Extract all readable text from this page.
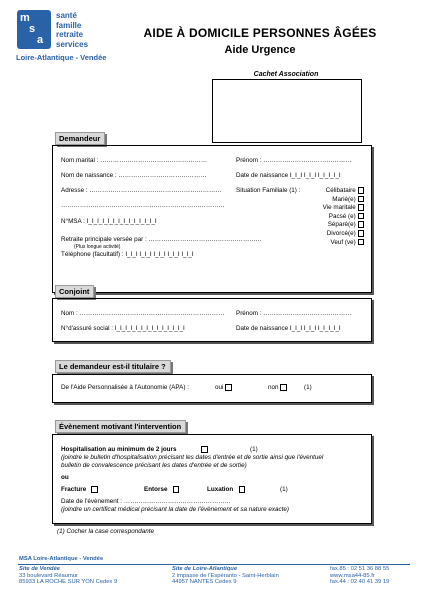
m
s
a
santé
famille
retraite
services
Loire-Atlantique - Vendée
AIDE À DOMICILE PERSONNES ÂGÉES
Aide Urgence
Cachet Association
Demandeur
Nom marital : ……………………………………………	Prénom : ……………………………………
Nom de naissance : ……………………………………	Date de naissance I_I_I I_I_I I_I_I_I_I
Adresse : ………………………………………………………
……………………………………………………………………
Situation Familiale (1) :	Célibataire
Marié(e)
Vie maritale
Pacsé (e)
Séparé(e)
Divorcé(e)
Veuf (ve)
N°MSA : I_I_I_I_I_I_I_I_I_I_I_I_I_I
Retraite principale versée par : ………………………………………………
(Plus longue activité)
Téléphone (facultatif) : I_I_I I_I_I I_I_I I_I_I I_I_I
Conjoint
Nom : …………………………………………………………… Prénom : ……………………………………
N°d'assuré social : I_I_I_I_I_I_I_I_I_I_I_I_I_I	Date de naissance I_I_I I_I_I I_I_I_I_I
Le demandeur est-il titulaire ?
De l'Aide Personnalisée à l'Autonomie (APA) :	oui	non	(1)
Évènement motivant l'intervention
Hospitalisation au minimum de 2 jours	(1)
(joindre le bulletin d'hospitalisation précisant les dates d'entrée et de sortie ainsi que l'éventuel
bulletin de convalescence précisant les dates d'entrée et de sortie)
ou
Fracture	Entorse	Luxation	(1)
Date de l'évènement : ……………………………………………
(joindre un certificat médical précisant la date de l'évènement et sa nature exacte)
(1) Cocher la case correspondante
MSA Loire-Atlantique - Vendée
Site de Vendée
33 boulevard Réaumur
85933 LA ROCHE SUR YON Cedex 9
Site de Loire-Atlantique
2 impasse de l'Espéranto - Saint-Herblain
44957 NANTES Cedex 9
fax.85 : 02 51 36 88 55
www.msa44-85.fr
fax.44 : 02 40 41 39 19
